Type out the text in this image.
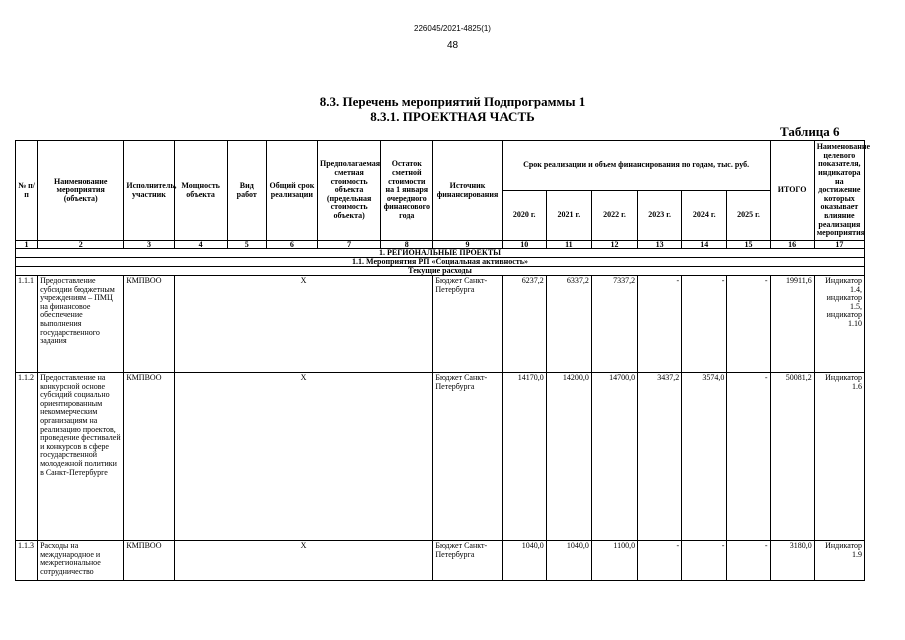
226045/2021-4825(1)
48
8.3. Перечень мероприятий Подпрограммы 1
8.3.1. ПРОЕКТНАЯ ЧАСТЬ
Таблица 6
№ п/п	Наименование мероприятия (объекта)	Исполнитель, участник	Мощность объекта	Вид работ	Общий срок реализации	Предполагаемая сметная стоимость объекта (предельная стоимость объекта)	Остаток сметной стоимости на 1 января очередного финансового года	Источник финансирования	Срок реализации и объем финансирования по годам, тыс. руб.						ИТОГО	Наименование целевого показателя, индикатора на достижение которых оказывает влияние реализация мероприятия
									2020 г.	2021 г.	2022 г.	2023 г.	2024 г.	2025 г.		
1	2	3	4	5	6	7	8	9	10	11	12	13	14	15	16	17
1. РЕГИОНАЛЬНЫЕ ПРОЕКТЫ																
1.1. Мероприятия РП «Социальная активность»																
Текущие расходы																
1.1.1	Предоставление субсидии бюджетным учреждениям – ПМЦ на финансовое обеспечение выполнения государственного задания	КМПВОО	Х					Бюджет Санкт-Петербурга	6237,2	6337,2	7337,2	-	-	-	19911,6	Индикатор 1.4, индикатор 1.5, индикатор 1.10
1.1.2	Предоставление на конкурсной основе субсидий социально ориентированным некоммерческим организациям на реализацию проектов, проведение фестивалей и конкурсов в сфере государственной молодежной политики в Санкт-Петербурге	КМПВОО	Х					Бюджет Санкт-Петербурга	14170,0	14200,0	14700,0	3437,2	3574,0	-	50081,2	Индикатор 1.6
1.1.3	Расходы на международное и межрегиональное сотрудничество	КМПВОО	Х					Бюджет Санкт-Петербурга	1040,0	1040,0	1100,0	-	-	-	3180,0	Индикатор 1.9
